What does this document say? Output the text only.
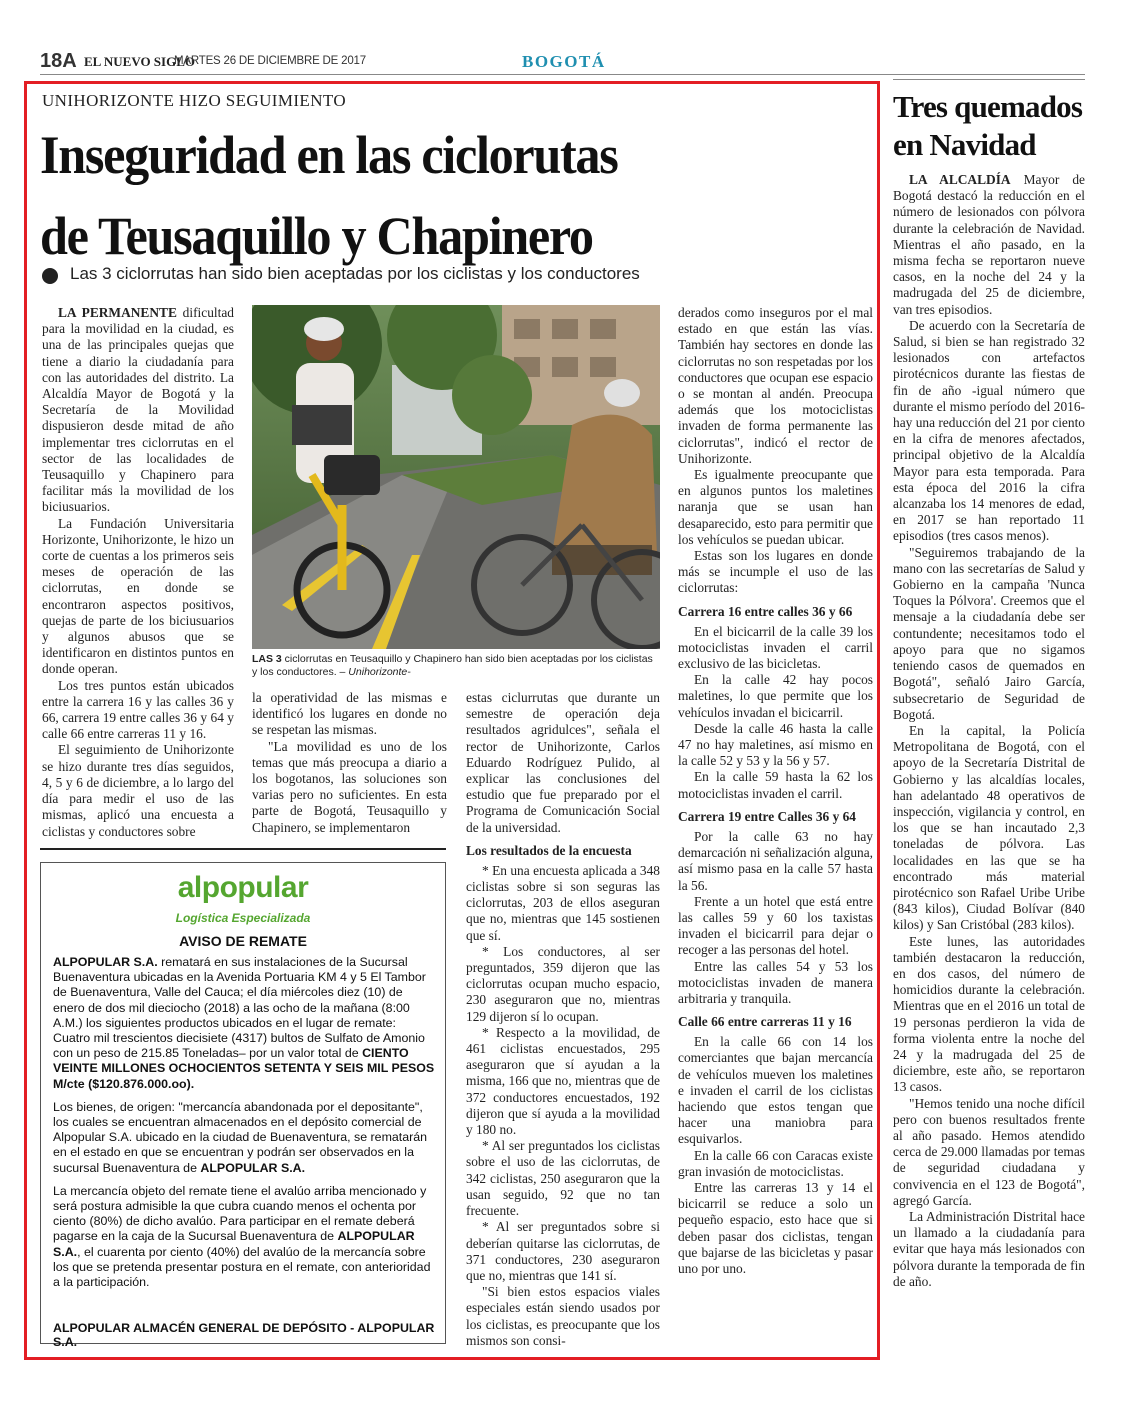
18A EL NUEVO SIGLO
MARTES 26 DE DICIEMBRE DE 2017	BOGOTÁ
UNIHORIZONTE HIZO SEGUIMIENTO
Inseguridad en las ciclorutas
de Teusaquillo y Chapinero
Las 3 ciclorrutas han sido bien aceptadas por los ciclistas y los conductores

LA PERMANENTE dificultad para la movilidad en la ciudad, es una de las principales quejas que tiene a diario la ciudadanía para con las autoridades del distrito. La Alcaldía Mayor de Bogotá y la Secretaría de la Movilidad dispusieron desde mitad de año implementar tres ciclorrutas en el sector de las localidades de Teusaquillo y Chapinero para facilitar más la movilidad de los biciusuarios.

La Fundación Universitaria Horizonte, Unihorizonte, le hizo un corte de cuentas a los primeros seis meses de operación de las ciclorrutas, en donde se encontraron aspectos positivos, quejas de parte de los biciusuarios y algunos abusos que se identificaron en distintos puntos en donde operan.

Los tres puntos están ubicados entre la carrera 16 y las calles 36 y 66, carrera 19 entre calles 36 y 64 y calle 66 entre carreras 11 y 16.

El seguimiento de Unihorizonte se hizo durante tres días seguidos, 4, 5 y 6 de diciembre, a lo largo del día para medir el uso de las mismas, aplicó una encuesta a ciclistas y conductores sobre

LAS 3 ciclorrutas en Teusaquillo y Chapinero han sido bien aceptadas por los ciclistas y los conductores. – Unihorizonte-

la operatividad de las mismas e identificó los lugares en donde no se respetan las mismas.

"La movilidad es uno de los temas que más preocupa a diario a los bogotanos, las soluciones son varias pero no suficientes. En esta parte de Bogotá, Teusaquillo y Chapinero, se implementaron

estas ciclurrutas que durante un semestre de operación deja resultados agridulces", señala el rector de Unihorizonte, Carlos Eduardo Rodríguez Pulido, al explicar las conclusiones del estudio que fue preparado por el Programa de Comunicación Social de la universidad.

Los resultados de la encuesta

* En una encuesta aplicada a 348 ciclistas sobre si son seguras las ciclorrutas, 203 de ellos aseguran que no, mientras que 145 sostienen que sí.

* Los conductores, al ser preguntados, 359 dijeron que las ciclorrutas ocupan mucho espacio, 230 aseguraron que no, mientras 129 dijeron sí lo ocupan.

* Respecto a la movilidad, de 461 ciclistas encuestados, 295 aseguraron que sí ayudan a la misma, 166 que no, mientras que de 372 conductores encuestados, 192 dijeron que sí ayuda a la movilidad y 180 no.

* Al ser preguntados los ciclistas sobre el uso de las ciclorrutas, de 342 ciclistas, 250 aseguraron que la usan seguido, 92 que no tan frecuente.

* Al ser preguntados sobre si deberían quitarse las ciclorrutas, de 371 conductores, 230 aseguraron que no, mientras que 141 sí.

"Si bien estos espacios viales especiales están siendo usados por los ciclistas, es preocupante que los mismos son consi-

derados como inseguros por el mal estado en que están las vías. También hay sectores en donde las ciclorrutas no son respetadas por los conductores que ocupan ese espacio o se montan al andén. Preocupa además que los motociclistas invaden de forma permanente las ciclorrutas", indicó el rector de Unihorizonte.

Es igualmente preocupante que en algunos puntos los maletines naranja que se usan han desaparecido, esto para permitir que los vehículos se puedan ubicar.

Estas son los lugares en donde más se incumple el uso de las ciclorrutas:

Carrera 16 entre calles 36 y 66

En el bicicarril de la calle 39 los motociclistas invaden el carril exclusivo de las bicicletas.

En la calle 42 hay pocos maletines, lo que permite que los vehículos invadan el bicicarril.

Desde la calle 46 hasta la calle 47 no hay maletines, así mismo en la calle 52 y 53 y la 56 y 57.

En la calle 59 hasta la 62 los motociclistas invaden el carril.

Carrera 19 entre Calles 36 y 64

Por la calle 63 no hay demarcación ni señalización alguna, así mismo pasa en la calle 57 hasta la 56.

Frente a un hotel que está entre las calles 59 y 60 los taxistas invaden el bicicarril para dejar o recoger a las personas del hotel.

Entre las calles 54 y 53 los motociclistas invaden de manera arbitraria y tranquila.

Calle 66 entre carreras 11 y 16

En la calle 66 con 14 los comerciantes que bajan mercancía de vehículos mueven los maletines e invaden el carril de los ciclistas haciendo que estos tengan que hacer una maniobra para esquivarlos.

En la calle 66 con Caracas existe gran invasión de motociclistas.

Entre las carreras 13 y 14 el bicicarril se reduce a solo un pequeño espacio, esto hace que si deben pasar dos ciclistas, tengan que bajarse de las bicicletas y pasar uno por uno.

alpopular
Logística Especializada
AVISO DE REMATE

ALPOPULAR S.A. rematará en sus instalaciones de la Sucursal Buenaventura ubicadas en la Avenida Portuaria KM 4 y 5 El Tambor de Buenaventura, Valle del Cauca; el día miércoles diez (10) de enero de dos mil dieciocho (2018) a las ocho de la mañana (8:00 A.M.) los siguientes productos ubicados en el lugar de remate: Cuatro mil trescientos diecisiete (4317) bultos de Sulfato de Amonio con un peso de 215.85 Toneladas– por un valor total de CIENTO VEINTE MILLONES OCHOCIENTOS SETENTA Y SEIS MIL PESOS M/cte ($120.876.000.oo).

Los bienes, de origen: "mercancía abandonada por el depositante", los cuales se encuentran almacenados en el depósito comercial de Alpopular S.A. ubicado en la ciudad de Buenaventura, se rematarán en el estado en que se encuentran y podrán ser observados en la sucursal Buenaventura de ALPOPULAR S.A.

La mercancía objeto del remate tiene el avalúo arriba mencionado y será postura admisible la que cubra cuando menos el ochenta por ciento (80%) de dicho avalúo. Para participar en el remate deberá pagarse en la caja de la Sucursal Buenaventura de ALPOPULAR S.A., el cuarenta por ciento (40%) del avalúo de la mercancía sobre los que se pretenda presentar postura en el remate, con anterioridad a la participación.

ALPOPULAR ALMACÉN GENERAL DE DEPÓSITO - ALPOPULAR S.A.
Tres quemados en Navidad

LA ALCALDÍA Mayor de Bogotá destacó la reducción en el número de lesionados con pólvora durante la celebración de Navidad. Mientras el año pasado, en la misma fecha se reportaron nueve casos, en la noche del 24 y la madrugada del 25 de diciembre, van tres episodios.

De acuerdo con la Secretaría de Salud, si bien se han registrado 32 lesionados con artefactos pirotécnicos durante las fiestas de fin de año -igual número que durante el mismo período del 2016- hay una reducción del 21 por ciento en la cifra de menores afectados, principal objetivo de la Alcaldía Mayor para esta temporada. Para esta época del 2016 la cifra alcanzaba los 14 menores de edad, en 2017 se han reportado 11 episodios (tres casos menos).

"Seguiremos trabajando de la mano con las secretarías de Salud y Gobierno en la campaña 'Nunca Toques la Pólvora'. Creemos que el mensaje a la ciudadanía debe ser contundente; necesitamos todo el apoyo para que no sigamos teniendo casos de quemados en Bogotá", señaló Jairo García, subsecretario de Seguridad de Bogotá.

En la capital, la Policía Metropolitana de Bogotá, con el apoyo de la Secretaría Distrital de Gobierno y las alcaldías locales, han adelantado 48 operativos de inspección, vigilancia y control, en los que se han incautado 2,3 toneladas de pólvora. Las localidades en las que se ha encontrado más material pirotécnico son Rafael Uribe Uribe (843 kilos), Ciudad Bolívar (840 kilos) y San Cristóbal (283 kilos).

Este lunes, las autoridades también destacaron la reducción, en dos casos, del número de homicidios durante la celebración. Mientras que en el 2016 un total de 19 personas perdieron la vida de forma violenta entre la noche del 24 y la madrugada del 25 de diciembre, este año, se reportaron 13 casos.

"Hemos tenido una noche difícil pero con buenos resultados frente al año pasado. Hemos atendido cerca de 29.000 llamadas por temas de seguridad ciudadana y convivencia en el 123 de Bogotá", agregó García.

La Administración Distrital hace un llamado a la ciudadanía para evitar que haya más lesionados con pólvora durante la temporada de fin de año.
